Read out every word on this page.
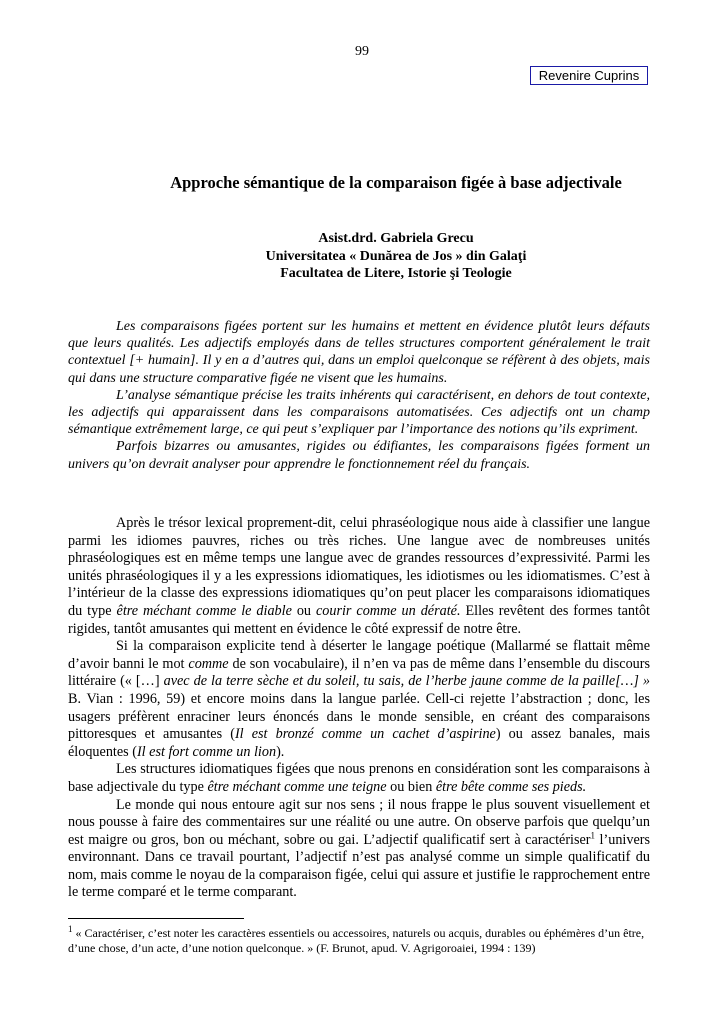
99
Revenire Cuprins
Approche sémantique de la comparaison figée à base adjectivale
Asist.drd. Gabriela Grecu
Universitatea « Dunărea de Jos » din Galaţi
Facultatea de Litere, Istorie şi Teologie

Les comparaisons figées portent sur les humains et mettent en évidence plutôt leurs défauts que leurs qualités. Les adjectifs employés dans de telles structures comportent généralement le trait contextuel [+ humain]. Il y en a d’autres qui, dans un emploi quelconque se réfèrent à des objets, mais qui dans une structure comparative figée ne visent que les humains.

L’analyse sémantique précise les traits inhérents qui caractérisent, en dehors de tout contexte, les adjectifs qui apparaissent dans les comparaisons automatisées. Ces adjectifs ont un champ sémantique extrêmement large, ce qui peut s’expliquer par l’importance des notions qu’ils expriment.

Parfois bizarres ou amusantes, rigides ou édifiantes, les comparaisons figées forment un univers qu’on devrait analyser pour apprendre le fonctionnement réel du français.

Après le trésor lexical proprement-dit, celui phraséologique nous aide à classifier une langue parmi les idiomes pauvres, riches ou très riches. Une langue avec de nombreuses unités phraséologiques est en même temps une langue avec de grandes ressources d’expressivité. Parmi les unités phraséologiques il y a les expressions idiomatiques, les idiotismes ou les idiomatismes. C’est à l’intérieur de la classe des expressions idiomatiques qu’on peut placer les comparaisons idiomatiques du type être méchant comme le diable ou courir comme un dératé. Elles revêtent des formes tantôt rigides, tantôt amusantes qui mettent en évidence le côté expressif de notre être.

Si la comparaison explicite tend à déserter le langage poétique (Mallarmé se flattait même d’avoir banni le mot comme de son vocabulaire), il n’en va pas de même dans l’ensemble du discours littéraire (« […] avec de la terre sèche et du soleil, tu sais, de l’herbe jaune comme de la paille[…] » B. Vian : 1996, 59) et encore moins dans la langue parlée. Cell-ci rejette l’abstraction ; donc, les usagers préfèrent enraciner leurs énoncés dans le monde sensible, en créant des comparaisons pittoresques et amusantes (Il est bronzé comme un cachet d’aspirine) ou assez banales, mais éloquentes (Il est fort comme un lion).

Les structures idiomatiques figées que nous prenons en considération sont les comparaisons à base adjectivale du type être méchant comme une teigne ou bien être bête comme ses pieds.

Le monde qui nous entoure agit sur nos sens ; il nous frappe le plus souvent visuellement et nous pousse à faire des commentaires sur une réalité ou une autre. On observe parfois que quelqu’un est maigre ou gros, bon ou méchant, sobre ou gai. L’adjectif qualificatif sert à caractériser$^1$ l’univers environnant. Dans ce travail pourtant, l’adjectif n’est pas analysé comme un simple qualificatif du nom, mais comme le noyau de la comparaison figée, celui qui assure et justifie le rapprochement entre le terme comparé et le terme comparant.

$^1$ « Caractériser, c’est noter les caractères essentiels ou accessoires, naturels ou acquis, durables ou éphémères d’un être, d’une chose, d’un acte, d’une notion quelconque. » (F. Brunot, apud. V. Agrigoroaiei, 1994 : 139)
